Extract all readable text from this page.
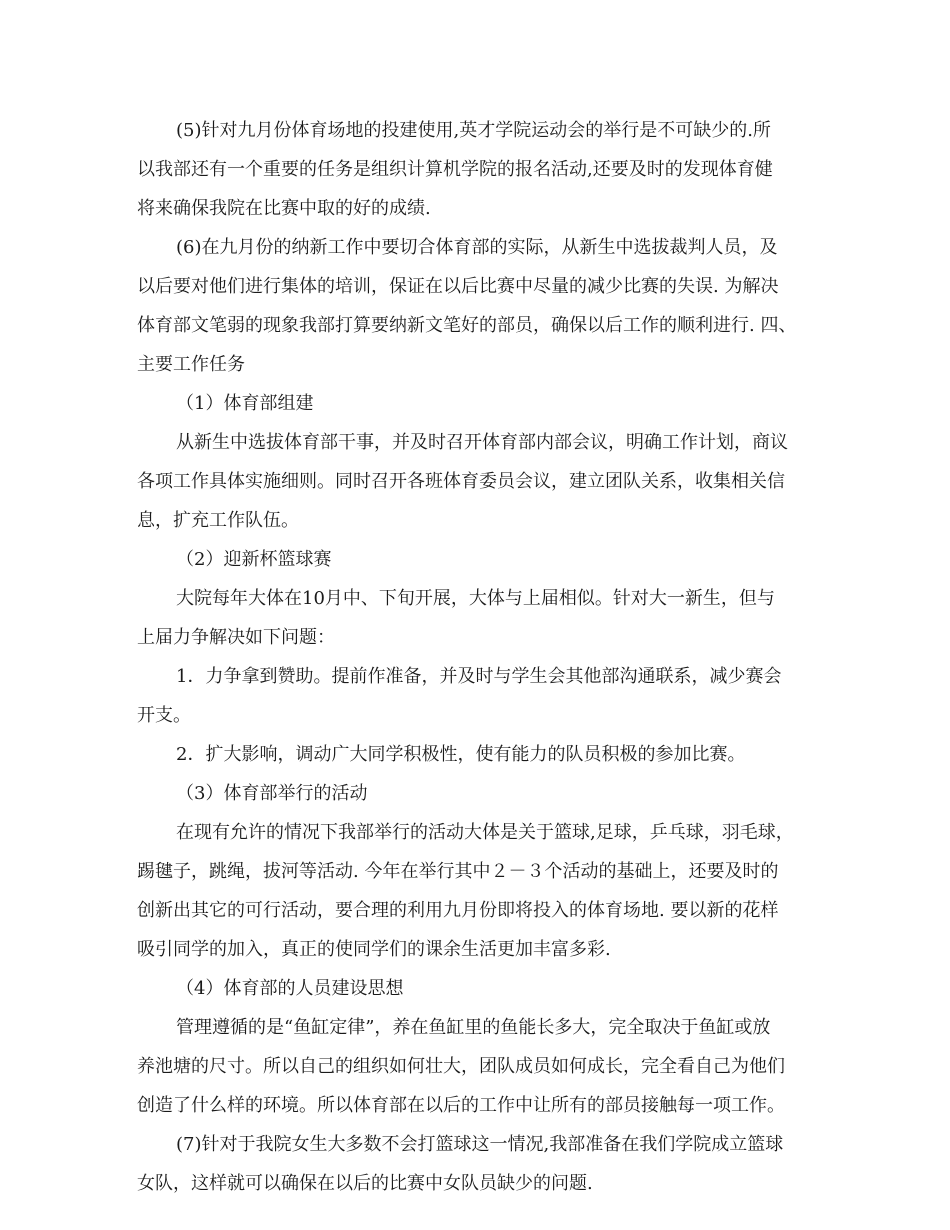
(5)针对九月份体育场地的投建使用,英才学院运动会的举行是不可缺少的.所
以我部还有一个重要的任务是组织计算机学院的报名活动,还要及时的发现体育健
将来确保我院在比赛中取的好的成绩.
(6)在九月份的纳新工作中要切合体育部的实际，从新生中选拔裁判人员，及
以后要对他们进行集体的培训，保证在以后比赛中尽量的减少比赛的失误. 为解决
体育部文笔弱的现象我部打算要纳新文笔好的部员，确保以后工作的顺利进行. 四、
主要工作任务
（1）体育部组建
从新生中选拔体育部干事，并及时召开体育部内部会议，明确工作计划，商议
各项工作具体实施细则。同时召开各班体育委员会议，建立团队关系，收集相关信
息，扩充工作队伍。
（2）迎新杯篮球赛
大院每年大体在10月中、下旬开展，大体与上届相似。针对大一新生，但与
上届力争解决如下问题：
1．力争拿到赞助。提前作准备，并及时与学生会其他部沟通联系，减少赛会
开支。
2．扩大影响，调动广大同学积极性，使有能力的队员积极的参加比赛。
（3）体育部举行的活动
在现有允许的情况下我部举行的活动大体是关于篮球,足球，乒乓球，羽毛球，
踢毽子，跳绳，拔河等活动. 今年在举行其中２－３个活动的基础上，还要及时的
创新出其它的可行活动，要合理的利用九月份即将投入的体育场地. 要以新的花样
吸引同学的加入，真正的使同学们的课余生活更加丰富多彩.
（4）体育部的人员建设思想
管理遵循的是“鱼缸定律”，养在鱼缸里的鱼能长多大，完全取决于鱼缸或放
养池塘的尺寸。所以自己的组织如何壮大，团队成员如何成长，完全看自己为他们
创造了什么样的环境。所以体育部在以后的工作中让所有的部员接触每一项工作。
(7)针对于我院女生大多数不会打篮球这一情况,我部准备在我们学院成立篮球
女队，这样就可以确保在以后的比赛中女队员缺少的问题.
